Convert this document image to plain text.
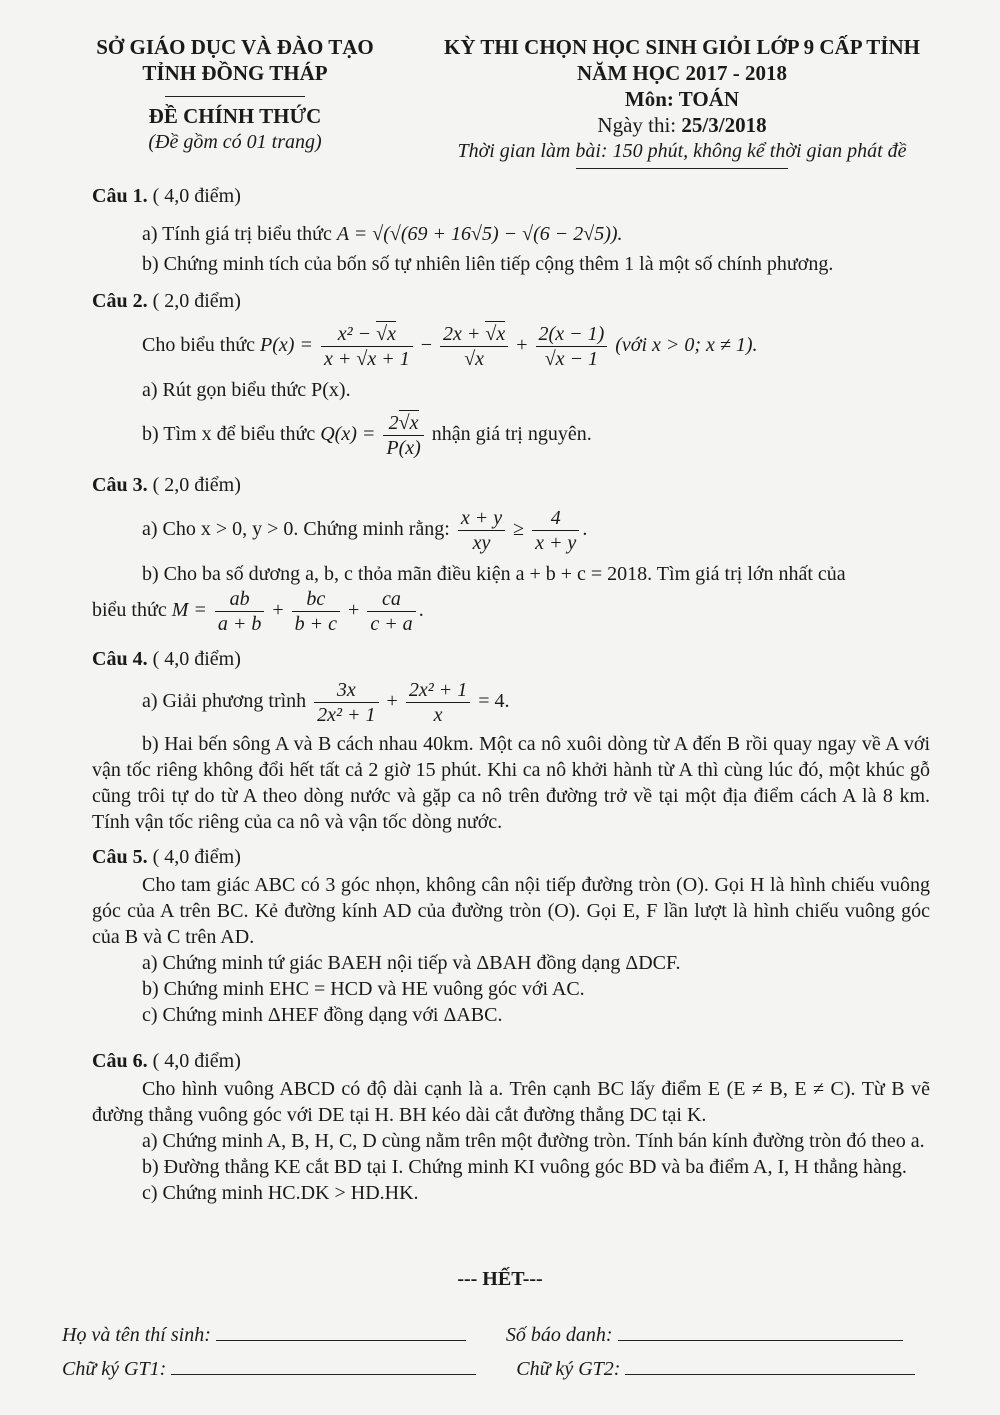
SỞ GIÁO DỤC VÀ ĐÀO TẠO
TỈNH ĐỒNG THÁP
ĐỀ CHÍNH THỨC
(Đề gồm có 01 trang)
KỲ THI CHỌN HỌC SINH GIỎI LỚP 9 CẤP TỈNH
NĂM HỌC 2017 - 2018
Môn: TOÁN
Ngày thi: 25/3/2018
Thời gian làm bài: 150 phút, không kể thời gian phát đề
Câu 1. ( 4,0 điểm)
a) Tính giá trị biểu thức A = √(√(69 + 16√5) − √(6 − 2√5)).
b) Chứng minh tích của bốn số tự nhiên liên tiếp cộng thêm 1 là một số chính phương.
Câu 2. ( 2,0 điểm)
Cho biểu thức $P(x) = \frac{\text{x² − √ x}}{x + √ x + 1} - 2x$ + √ x
√ x + 2(x − 1)
√ x − 1 (với x > 0; x ≠ 1).
a) Rút gọn biểu thức P(x).
b) Tìm x để biểu thức $Q(x) = \frac{2√ x}{P(x)}$ nhận giá trị nguyên.
Câu 3. ( 2,0 điểm)
a) Cho x > 0, y > 0. Chứng minh rằng: $\frac{x + y}{xy} \ge \frac{4}{x + y}$ .
b) Cho ba số dương a, b, c thỏa mãn điều kiện a + b + c = 2018. Tìm giá trị lớn nhất của
biểu thức $M = \frac{ab}{a + b} + \frac{bc}{b + c} + \frac{ca}{c + a}$ .
Câu 4. ( 4,0 điểm)
a) Giải phương trình $\frac{3x}{\text{2x² + 1}} + \frac{\text{2x² + 1}}{x} = 4$.
b) Hai bến sông A và B cách nhau 40km. Một ca nô xuôi dòng từ A đến B rồi quay ngay về A với vận tốc riêng không đổi hết tất cả 2 giờ 15 phút. Khi ca nô khởi hành từ A thì cùng lúc đó, một khúc gỗ cũng trôi tự do từ A theo dòng nước và gặp ca nô trên đường trở về tại một địa điểm cách A là 8 km. Tính vận tốc riêng của ca nô và vận tốc dòng nước.
Câu 5. ( 4,0 điểm)
Cho tam giác ABC có 3 góc nhọn, không cân nội tiếp đường tròn (O). Gọi H là hình chiếu vuông góc của A trên BC. Kẻ đường kính AD của đường tròn (O). Gọi E, F lần lượt là hình chiếu vuông góc của B và C trên AD.
a) Chứng minh tứ giác BAEH nội tiếp và ΔBAH đồng dạng ΔDCF.
b) Chứng minh EHC = HCD và HE vuông góc với AC.
c) Chứng minh ΔHEF đồng dạng với ΔABC.
Câu 6. ( 4,0 điểm)
Cho hình vuông ABCD có độ dài cạnh là a. Trên cạnh BC lấy điểm E (E ≠ B, E ≠ C). Từ B vẽ đường thẳng vuông góc với DE tại H. BH kéo dài cắt đường thẳng DC tại K.
a) Chứng minh A, B, H, C, D cùng nằm trên một đường tròn. Tính bán kính đường tròn đó theo a.
b) Đường thẳng KE cắt BD tại I. Chứng minh KI vuông góc BD và ba điểm A, I, H thẳng hàng.
c) Chứng minh HC.DK > HD.HK.
--- HẾT---
Họ và tên thí sinh:	Số báo danh:
Chữ ký GT1:	Chữ ký GT2:
